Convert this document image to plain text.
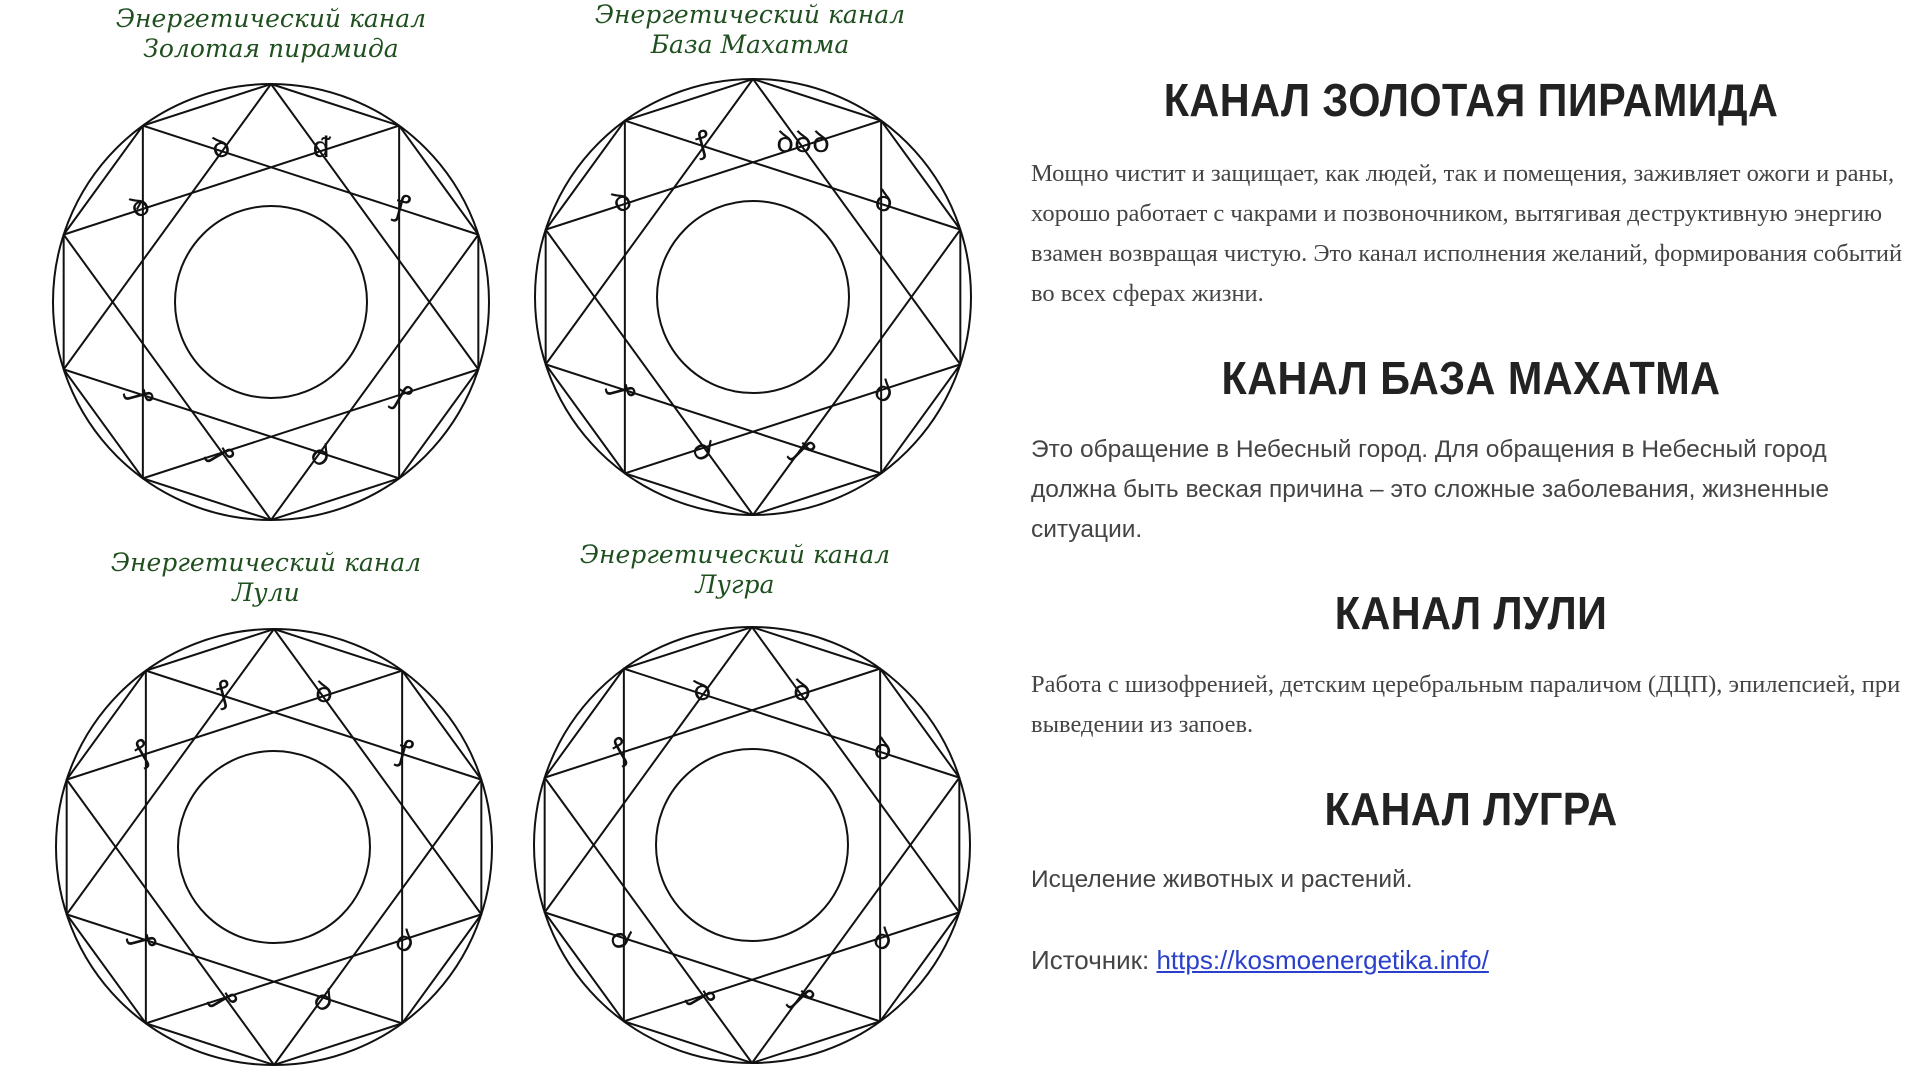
Энергетический канал
Золотая пирамида
ꝺ̷
ꝺ	ᵭ
ꝭ
ꝭ
ꝺ
ꝭ
ꝭ
Энергетический канал
База Махатма
ꝺ
ꝭ	ꝺꝺꝺ
ꝺ
ꝺ
ꝭ
ꝺ
ꝭ
Энергетический канал
Лули
ꝭ
ꝭ	ꝺ
ꝭ
ꝺ
ꝺ
ꝭ
ꝭ
Энергетический канал
Лугра
ꝭ
ꝺ	ꝺ
ꝺ
ꝺ
ꝭ
ꝭ
ꝺ
КАНАЛ ЗОЛОТАЯ ПИРАМИДА
Мощно чистит и защищает, как людей, так и помещения, заживляет ожоги и раны, хорошо работает с чакрами и позвоночником, вытягивая деструктивную энергию взамен возвращая чистую. Это канал исполнения желаний, формирования событий во всех сферах жизни.
КАНАЛ БАЗА МАХАТМА
Это обращение в Небесный город. Для обращения в Небесный город должна быть веская причина – это сложные заболевания, жизненные ситуации.
КАНАЛ ЛУЛИ
Работа с шизофренией, детским церебральным параличом (ДЦП), эпилепсией, при выведении из запоев.
КАНАЛ ЛУГРА
Исцеление животных и растений.
Источник: https://kosmoenergetika.info/
